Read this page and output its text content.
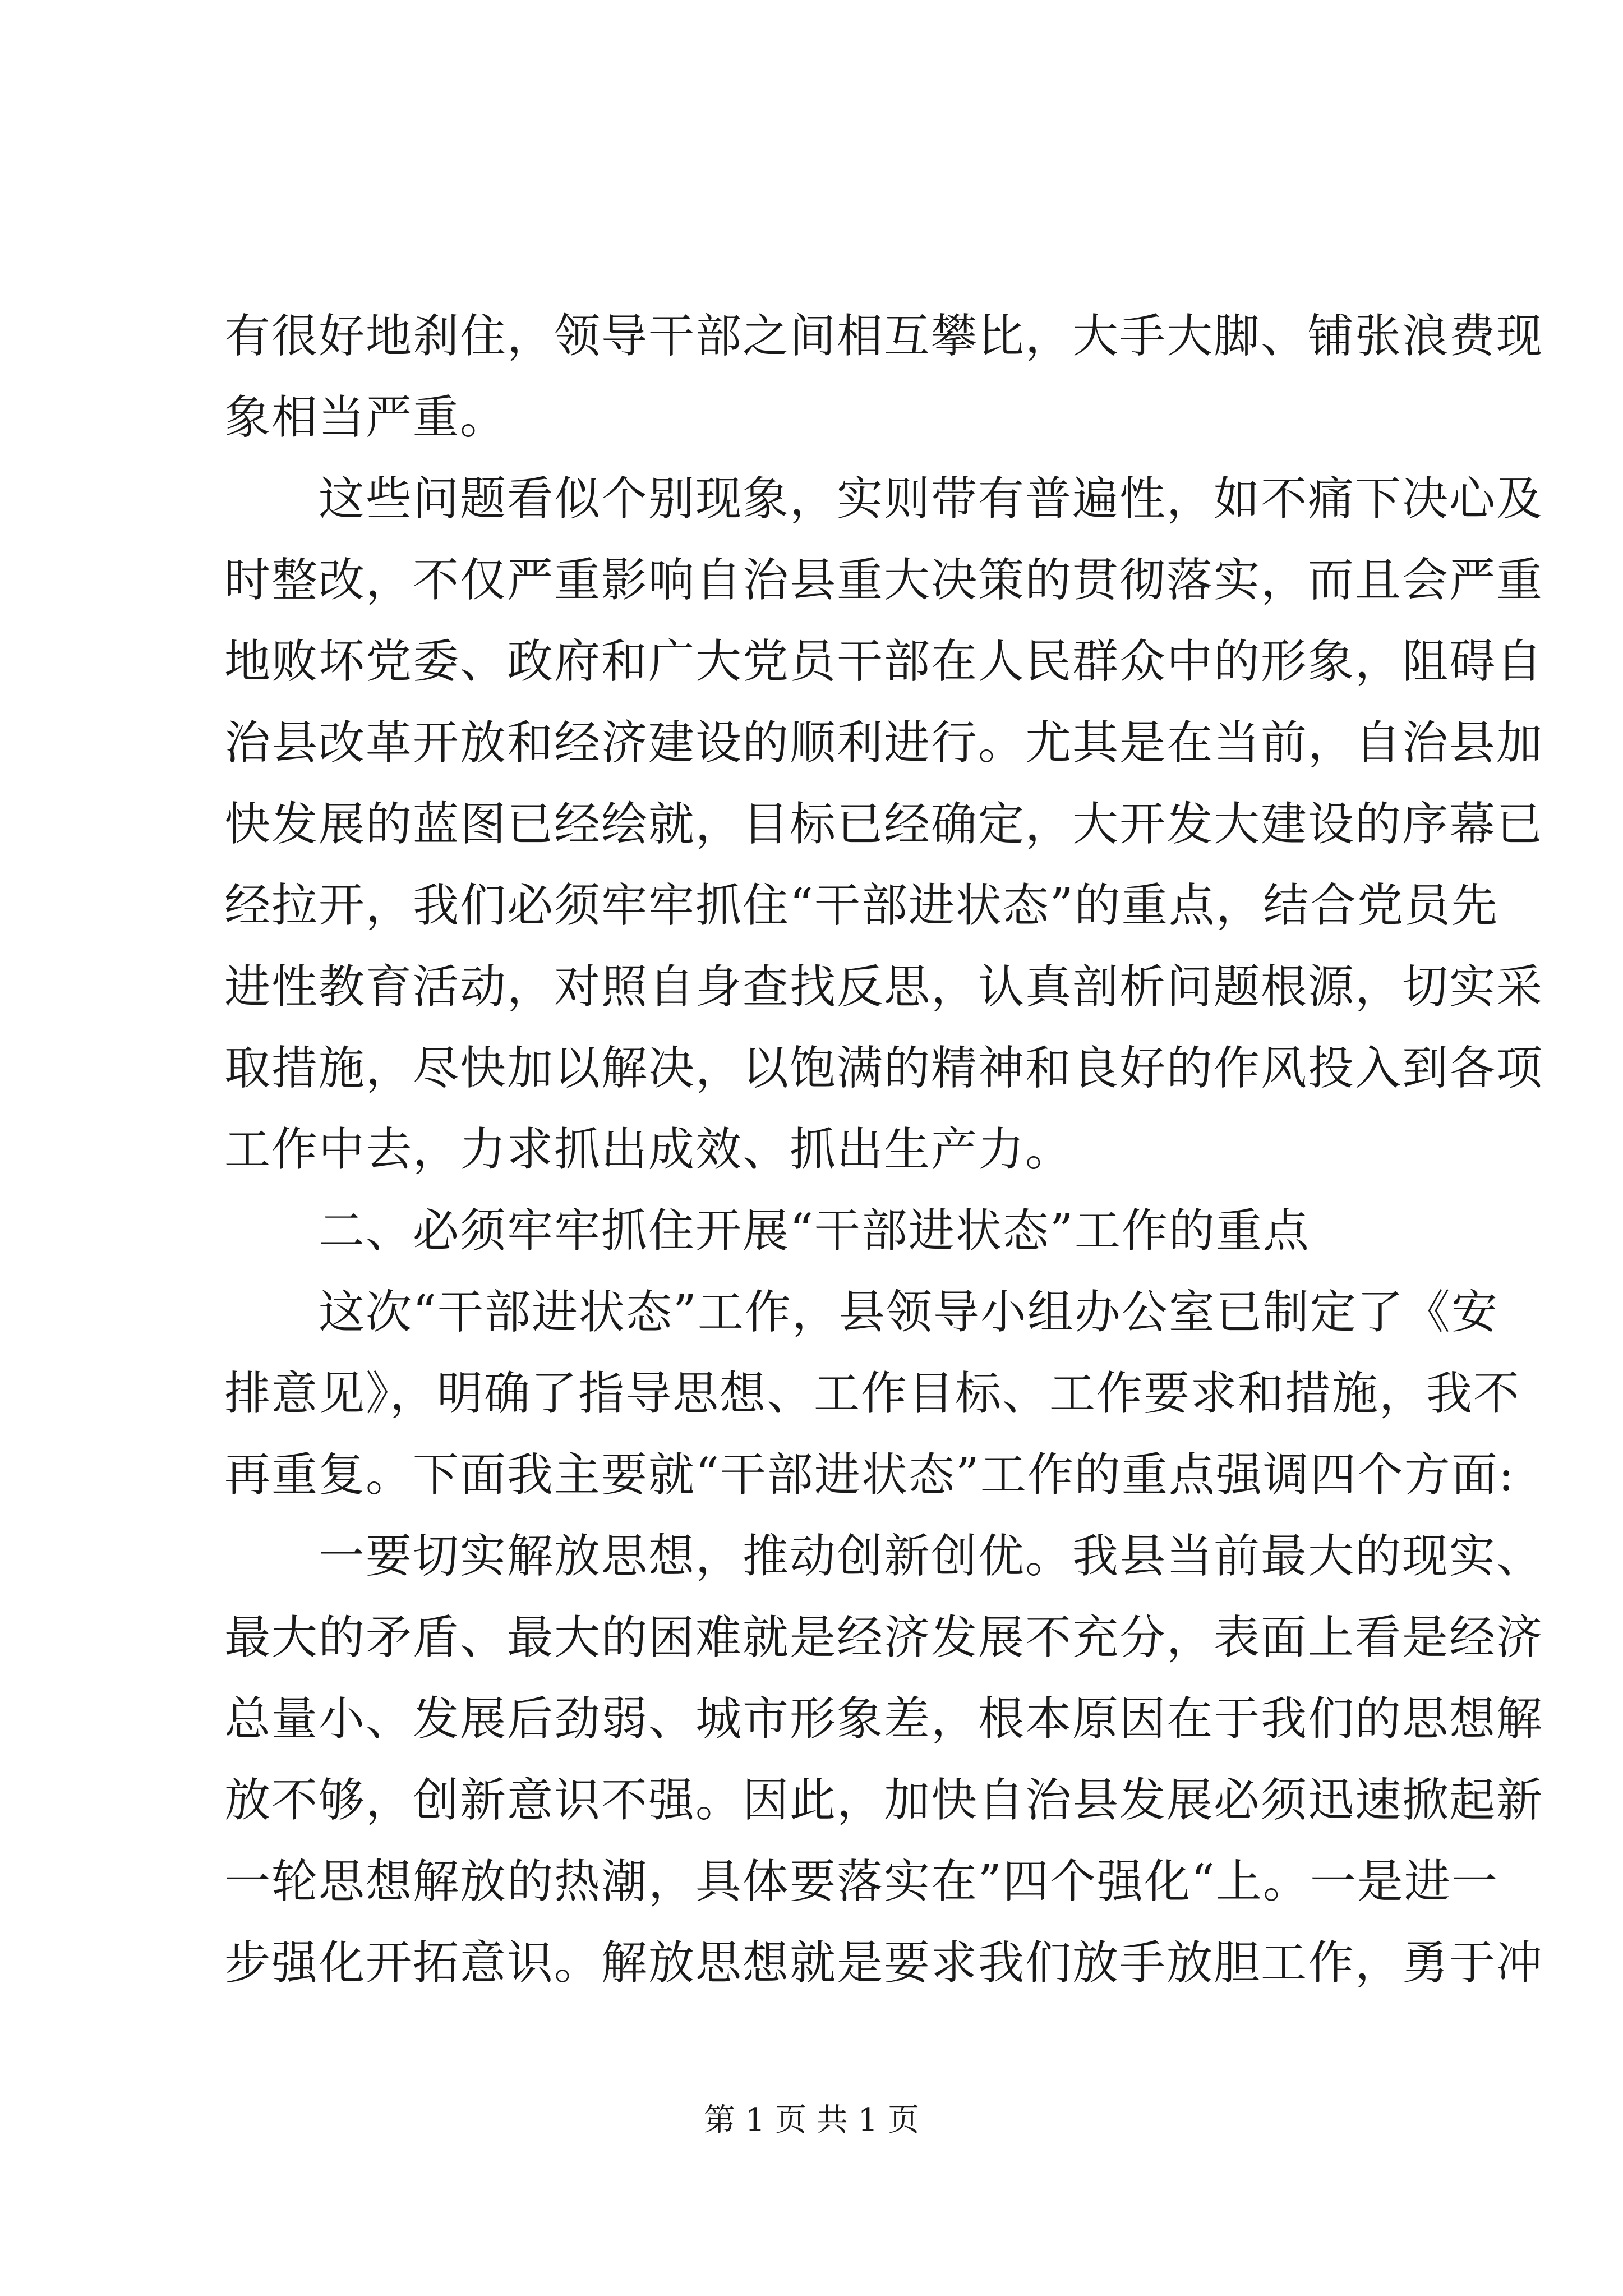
有很好地刹住，领导干部之间相互攀比，大手大脚、铺张浪费现
象相当严重。
　　这些问题看似个别现象，实则带有普遍性，如不痛下决心及
时整改，不仅严重影响自治县重大决策的贯彻落实，而且会严重
地败坏党委、政府和广大党员干部在人民群众中的形象，阻碍自
治县改革开放和经济建设的顺利进行。尤其是在当前，自治县加
快发展的蓝图已经绘就，目标已经确定，大开发大建设的序幕已
经拉开，我们必须牢牢抓住“干部进状态”的重点，结合党员先
进性教育活动，对照自身查找反思，认真剖析问题根源，切实采
取措施，尽快加以解决，以饱满的精神和良好的作风投入到各项
工作中去，力求抓出成效、抓出生产力。
　　二、必须牢牢抓住开展“干部进状态”工作的重点
　　这次“干部进状态”工作，县领导小组办公室已制定了《安
排意见》，明确了指导思想、工作目标、工作要求和措施，我不
再重复。下面我主要就“干部进状态”工作的重点强调四个方面:
　　一要切实解放思想，推动创新创优。我县当前最大的现实、
最大的矛盾、最大的困难就是经济发展不充分，表面上看是经济
总量小、发展后劲弱、城市形象差，根本原因在于我们的思想解
放不够，创新意识不强。因此，加快自治县发展必须迅速掀起新
一轮思想解放的热潮，具体要落实在”四个强化“上。一是进一
步强化开拓意识。解放思想就是要求我们放手放胆工作，勇于冲
第 1 页 共 1 页
